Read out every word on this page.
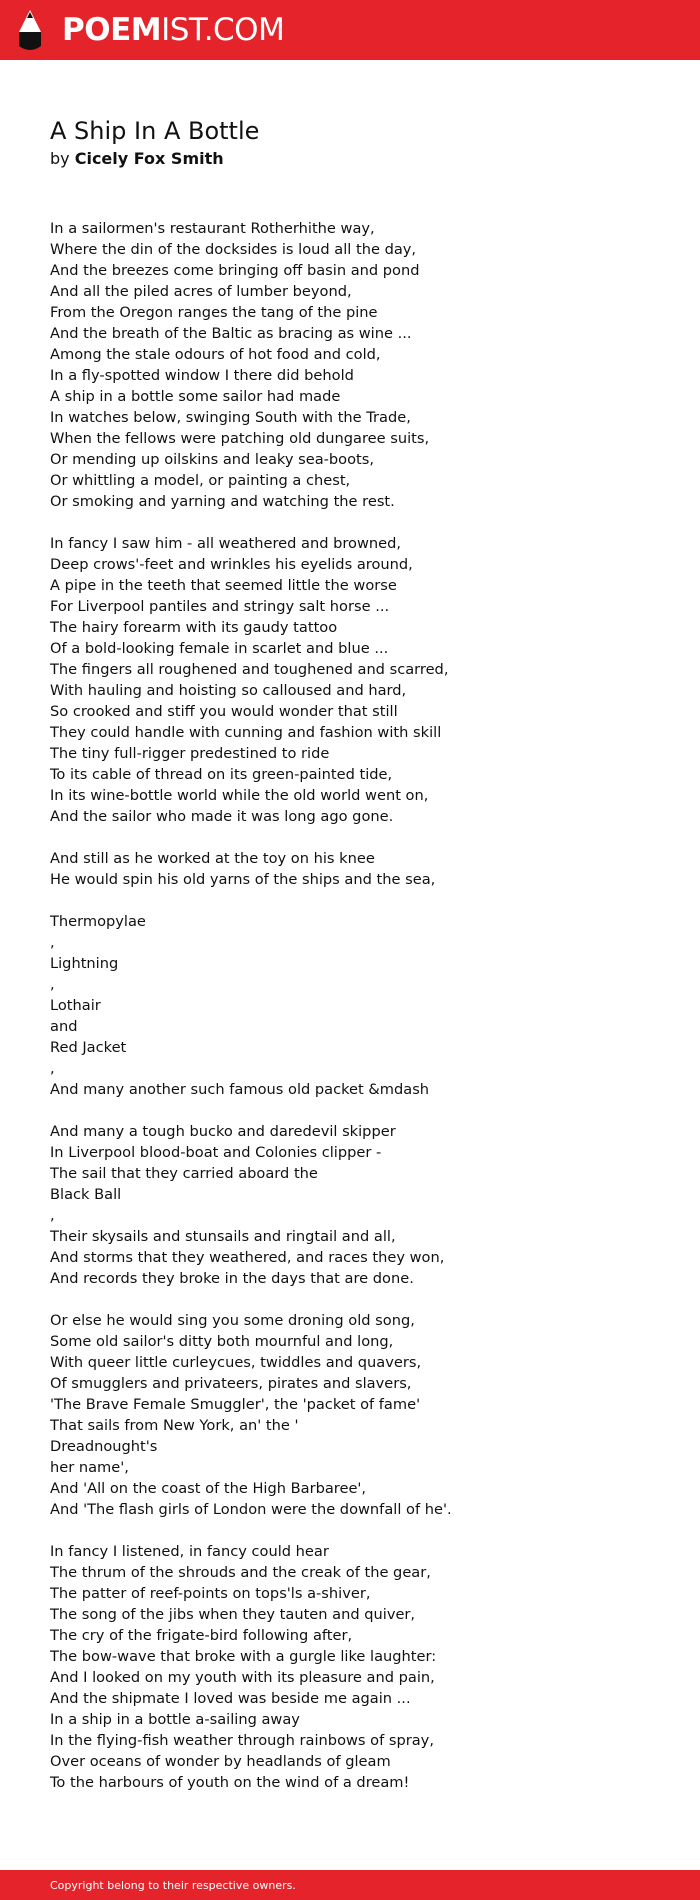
POEMIST.COM
A Ship In A Bottle
by Cicely Fox Smith
In a sailormen's restaurant Rotherhithe way,
Where the din of the docksides is loud all the day,
And the breezes come bringing off basin and pond
And all the piled acres of lumber beyond,
From the Oregon ranges the tang of the pine
And the breath of the Baltic as bracing as wine ...
Among the stale odours of hot food and cold,
In a fly-spotted window I there did behold
A ship in a bottle some sailor had made
In watches below, swinging South with the Trade,
When the fellows were patching old dungaree suits,
Or mending up oilskins and leaky sea-boots,
Or whittling a model, or painting a chest,
Or smoking and yarning and watching the rest.
In fancy I saw him - all weathered and browned,
Deep crows'-feet and wrinkles his eyelids around,
A pipe in the teeth that seemed little the worse
For Liverpool pantiles and stringy salt horse ...
The hairy forearm with its gaudy tattoo
Of a bold-looking female in scarlet and blue ...
The fingers all roughened and toughened and scarred,
With hauling and hoisting so calloused and hard,
So crooked and stiff you would wonder that still
They could handle with cunning and fashion with skill
The tiny full-rigger predestined to ride
To its cable of thread on its green-painted tide,
In its wine-bottle world while the old world went on,
And the sailor who made it was long ago gone.
And still as he worked at the toy on his knee
He would spin his old yarns of the ships and the sea,
Thermopylae
,
Lightning
,
Lothair
and
Red Jacket
,
And many another such famous old packet &mdash
And many a tough bucko and daredevil skipper
In Liverpool blood-boat and Colonies clipper -
The sail that they carried aboard the
Black Ball
,
Their skysails and stunsails and ringtail and all,
And storms that they weathered, and races they won,
And records they broke in the days that are done.
Or else he would sing you some droning old song,
Some old sailor's ditty both mournful and long,
With queer little curleycues, twiddles and quavers,
Of smugglers and privateers, pirates and slavers,
'The Brave Female Smuggler', the 'packet of fame'
That sails from New York, an' the '
Dreadnought's
her name',
And 'All on the coast of the High Barbaree',
And 'The flash girls of London were the downfall of he'.
In fancy I listened, in fancy could hear
The thrum of the shrouds and the creak of the gear,
The patter of reef-points on tops'ls a-shiver,
The song of the jibs when they tauten and quiver,
The cry of the frigate-bird following after,
The bow-wave that broke with a gurgle like laughter:
And I looked on my youth with its pleasure and pain,
And the shipmate I loved was beside me again ...
In a ship in a bottle a-sailing away
In the flying-fish weather through rainbows of spray,
Over oceans of wonder by headlands of gleam
To the harbours of youth on the wind of a dream!
Copyright belong to their respective owners.
